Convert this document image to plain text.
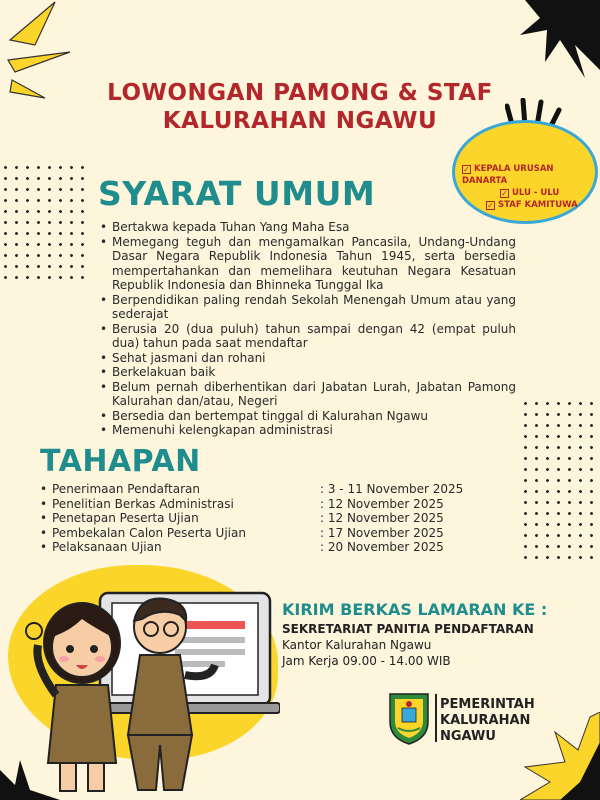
LOWONGAN PAMONG & STAF
KALURAHAN NGAWU
✓ KEPALA URUSAN DANARTA
✓ ULU - ULU
✓ STAF KAMITUWA
SYARAT UMUM
• Bertakwa kepada Tuhan Yang Maha Esa
• Memegang teguh dan mengamalkan Pancasila, Undang-Undang Dasar Negara Republik Indonesia Tahun 1945, serta bersedia mempertahankan dan memelihara keutuhan Negara Kesatuan Republik Indonesia dan Bhinneka Tunggal Ika
• Berpendidikan paling rendah Sekolah Menengah Umum atau yang sederajat
• Berusia 20 (dua puluh) tahun sampai dengan 42 (empat puluh dua) tahun pada saat mendaftar
• Sehat jasmani dan rohani
• Berkelakuan baik
• Belum pernah diberhentikan dari Jabatan Lurah, Jabatan Pamong Kalurahan dan/atau, Negeri
• Bersedia dan bertempat tinggal di Kalurahan Ngawu
• Memenuhi kelengkapan administrasi
TAHAPAN
• Penerimaan Pendaftaran	: 3 - 11 November 2025
• Penelitian Berkas Administrasi	: 12 November 2025
• Penetapan Peserta Ujian	: 12 November 2025
• Pembekalan Calon Peserta Ujian	: 17 November 2025
• Pelaksanaan Ujian	: 20 November 2025
KIRIM BERKAS LAMARAN KE :
SEKRETARIAT PANITIA PENDAFTARAN
Kantor Kalurahan Ngawu
Jam Kerja 09.00 - 14.00 WIB
PEMERINTAH
KALURAHAN
NGAWU
